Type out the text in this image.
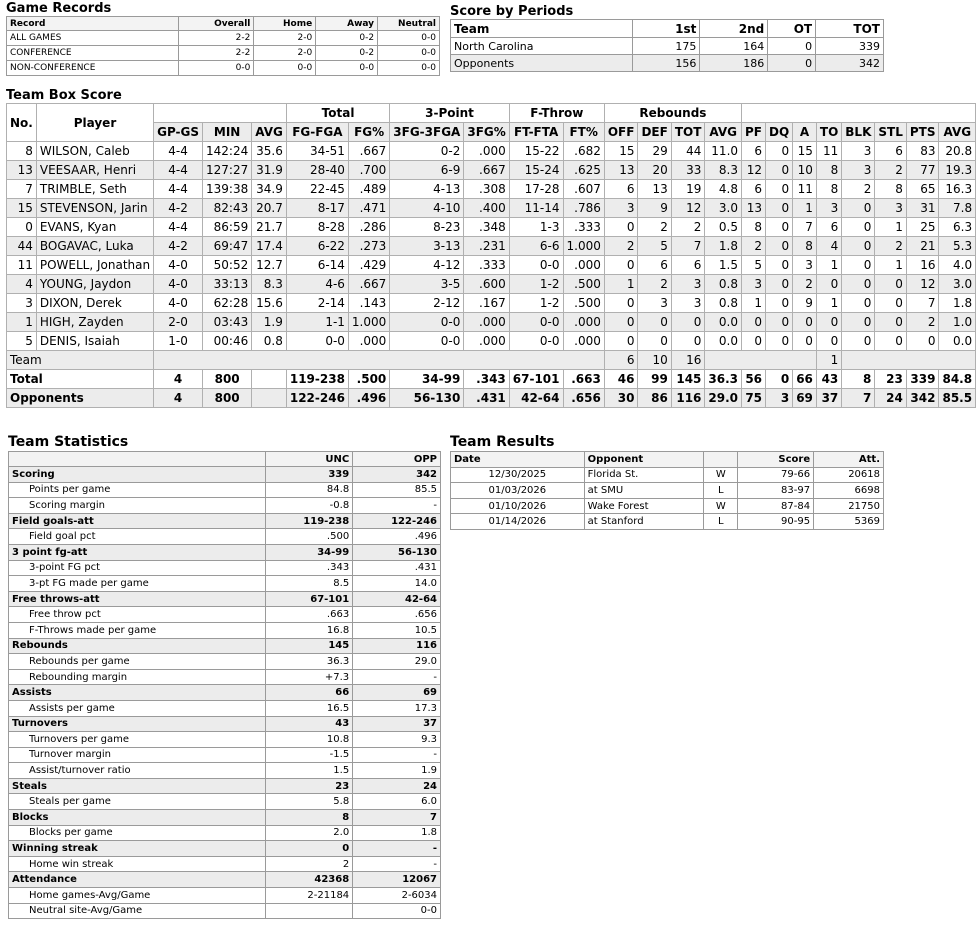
Game Records
Record	Overall	Home	Away	Neutral
ALL GAMES	2-2	2-0	0-2	0-0
CONFERENCE	2-2	2-0	0-2	0-0
NON-CONFERENCE	0-0	0-0	0-0	0-0
Score by Periods
Team	1st	2nd	OT	TOT
North Carolina	175	164	0	339
Opponents	156	186	0	342
Team Box Score
No.	Player				Total		3-Point		F-Throw		Rebounds											
		GP-GS	MIN	AVG	FG-FGA	FG%	3FG-3FGA	3FG%	FT-FTA	FT%	OFF	DEF	TOT	AVG	PF	DQ	A	TO	BLK	STL	PTS	AVG
8	WILSON, Caleb	4-4	142:24	35.6	34-51	.667	0-2	.000	15-22	.682	15	29	44	11.0	6	0	15	11	3	6	83	20.8
13	VEESAAR, Henri	4-4	127:27	31.9	28-40	.700	6-9	.667	15-24	.625	13	20	33	8.3	12	0	10	8	3	2	77	19.3
7	TRIMBLE, Seth	4-4	139:38	34.9	22-45	.489	4-13	.308	17-28	.607	6	13	19	4.8	6	0	11	8	2	8	65	16.3
15	STEVENSON, Jarin	4-2	82:43	20.7	8-17	.471	4-10	.400	11-14	.786	3	9	12	3.0	13	0	1	3	0	3	31	7.8
0	EVANS, Kyan	4-4	86:59	21.7	8-28	.286	8-23	.348	1-3	.333	0	2	2	0.5	8	0	7	6	0	1	25	6.3
44	BOGAVAC, Luka	4-2	69:47	17.4	6-22	.273	3-13	.231	6-6	1.000	2	5	7	1.8	2	0	8	4	0	2	21	5.3
11	POWELL, Jonathan	4-0	50:52	12.7	6-14	.429	4-12	.333	0-0	.000	0	6	6	1.5	5	0	3	1	0	1	16	4.0
4	YOUNG, Jaydon	4-0	33:13	8.3	4-6	.667	3-5	.600	1-2	.500	1	2	3	0.8	3	0	2	0	0	0	12	3.0
3	DIXON, Derek	4-0	62:28	15.6	2-14	.143	2-12	.167	1-2	.500	0	3	3	0.8	1	0	9	1	0	0	7	1.8
1	HIGH, Zayden	2-0	03:43	1.9	1-1	1.000	0-0	.000	0-0	.000	0	0	0	0.0	0	0	0	0	0	0	2	1.0
5	DENIS, Isaiah	1-0	00:46	0.8	0-0	.000	0-0	.000	0-0	.000	0	0	0	0.0	0	0	0	0	0	0	0	0.0
Team											6	10	16					1				
Total		4	800		119-238	.500	34-99	.343	67-101	.663	46	99	145	36.3	56	0	66	43	8	23	339	84.8
Opponents		4	800		122-246	.496	56-130	.431	42-64	.656	30	86	116	29.0	75	3	69	37	7	24	342	85.5
Team Statistics
	UNC	OPP
Scoring	339	342
Points per game	84.8	85.5
Scoring margin	-0.8	-
Field goals-att	119-238	122-246
Field goal pct	.500	.496
3 point fg-att	34-99	56-130
3-point FG pct	.343	.431
3-pt FG made per game	8.5	14.0
Free throws-att	67-101	42-64
Free throw pct	.663	.656
F-Throws made per game	16.8	10.5
Rebounds	145	116
Rebounds per game	36.3	29.0
Rebounding margin	+7.3	-
Assists	66	69
Assists per game	16.5	17.3
Turnovers	43	37
Turnovers per game	10.8	9.3
Turnover margin	-1.5	-
Assist/turnover ratio	1.5	1.9
Steals	23	24
Steals per game	5.8	6.0
Blocks	8	7
Blocks per game	2.0	1.8
Winning streak	0	-
Home win streak	2	-
Attendance	42368	12067
Home games-Avg/Game	2-21184	2-6034
Neutral site-Avg/Game		0-0
Team Results
Date	Opponent		Score	Att.
12/30/2025	Florida St.	W	79-66	20618
01/03/2026	at SMU	L	83-97	6698
01/10/2026	Wake Forest	W	87-84	21750
01/14/2026	at Stanford	L	90-95	5369
